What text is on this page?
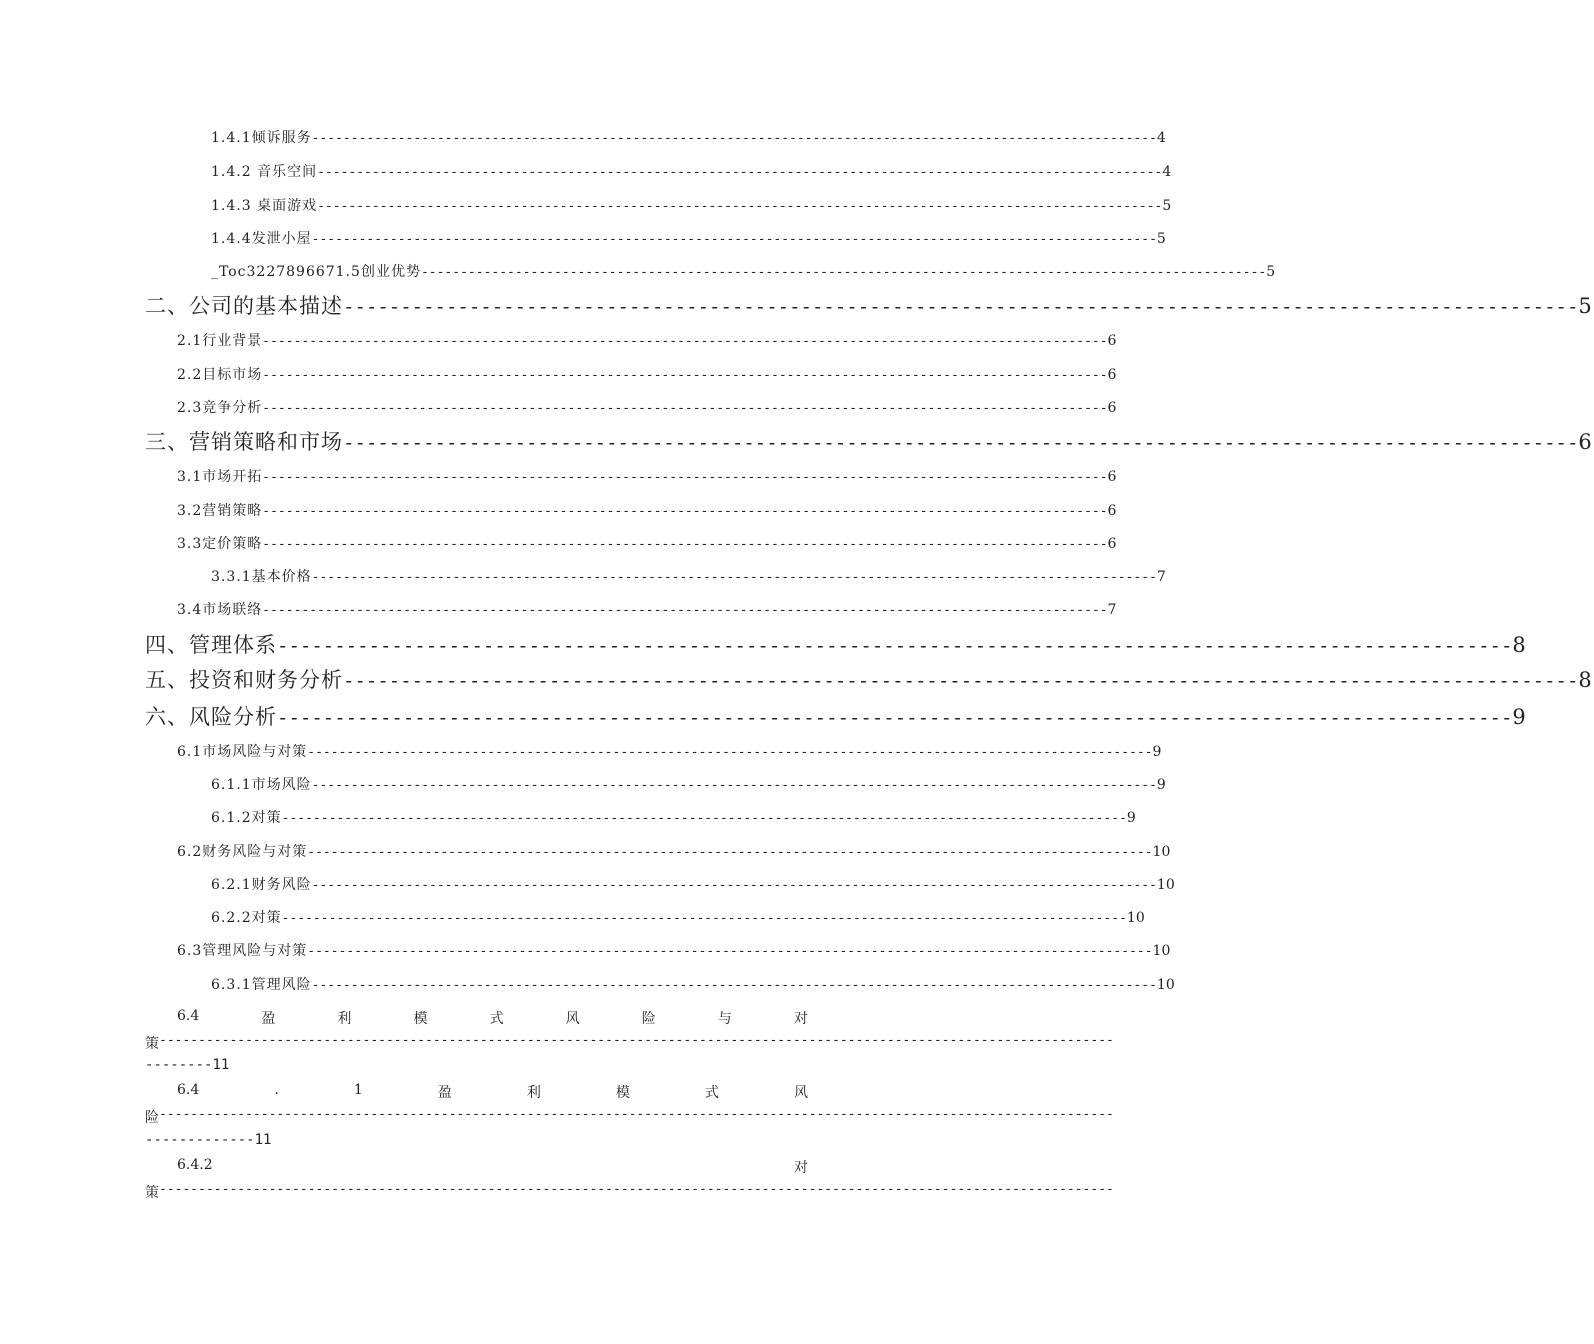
1.4.1倾诉服务 ------------------------------------------------------------------------------------------------------------ 4
1.4.2 音乐空间 ------------------------------------------------------------------------------------------------------------ 4
1.4.3 桌面游戏 ------------------------------------------------------------------------------------------------------------ 5
1.4.4发泄小屋 ------------------------------------------------------------------------------------------------------------ 5
_Toc3227896671.5创业优势 ------------------------------------------------------------------------------------------------------------ 5
二、公司的基本描述 ------------------------------------------------------------------------------------------------------------ 5
2.1行业背景 ------------------------------------------------------------------------------------------------------------ 6
2.2目标市场 ------------------------------------------------------------------------------------------------------------ 6
2.3竞争分析 ------------------------------------------------------------------------------------------------------------ 6
三、营销策略和市场 ------------------------------------------------------------------------------------------------------------ 6
3.1市场开拓 ------------------------------------------------------------------------------------------------------------ 6
3.2营销策略 ------------------------------------------------------------------------------------------------------------ 6
3.3定价策略 ------------------------------------------------------------------------------------------------------------ 6
3.3.1基本价格 ------------------------------------------------------------------------------------------------------------ 7
3.4市场联络 ------------------------------------------------------------------------------------------------------------ 7
四、管理体系 ------------------------------------------------------------------------------------------------------------ 8
五、投资和财务分析 ------------------------------------------------------------------------------------------------------------ 8
六、风险分析 ------------------------------------------------------------------------------------------------------------ 9
6.1市场风险与对策 ------------------------------------------------------------------------------------------------------------ 9
6.1.1市场风险 ------------------------------------------------------------------------------------------------------------ 9
6.1.2对策 ------------------------------------------------------------------------------------------------------------ 9
6.2财务风险与对策 ------------------------------------------------------------------------------------------------------------ 10
6.2.1财务风险 ------------------------------------------------------------------------------------------------------------ 10
6.2.2对策 ------------------------------------------------------------------------------------------------------------ 10
6.3管理风险与对策 ------------------------------------------------------------------------------------------------------------ 10
6.3.1管理风险 ------------------------------------------------------------------------------------------------------------ 10
6.4	盈	利	模	式	风	险	与	对
策 --------------------------------------------------------------------------------------------------------------------------
--------11
6.4	.	1	盈	利	模	式	风
险 --------------------------------------------------------------------------------------------------------------------------
-------------11
6.4.2	对
策 --------------------------------------------------------------------------------------------------------------------------
